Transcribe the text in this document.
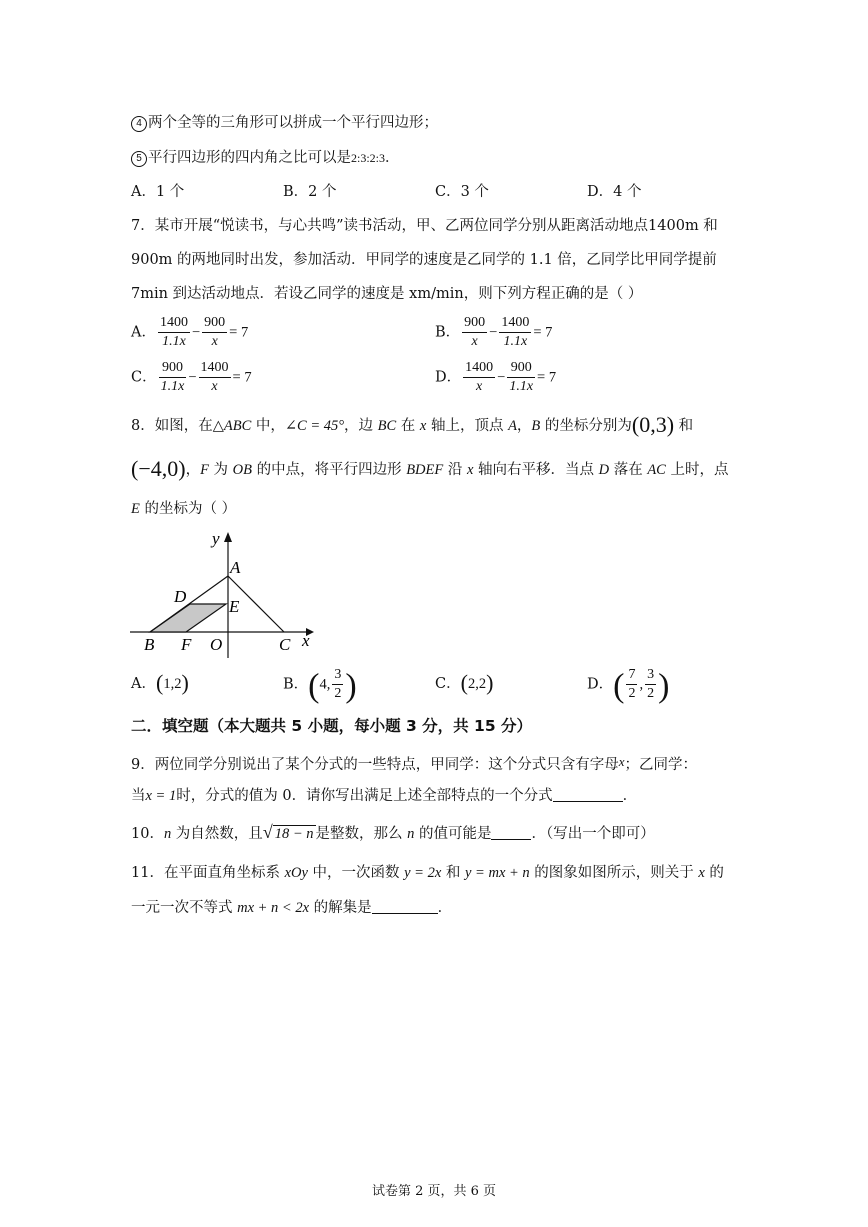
4 两个全等的三角形可以拼成一个平行四边形；
5 平行四边形的四内角之比可以是2:3:2:3．
A．1 个	B．2 个	C．3 个	D．4 个
7．某市开展“悦读书，与心共鸣”读书活动，甲、乙两位同学分别从距离活动地点1400m 和
900m 的两地同时出发，参加活动．甲同学的速度是乙同学的 1.1 倍，乙同学比甲同学提前
7min 到达活动地点．若设乙同学的速度是 xm/min，则下列方程正确的是（ ）
A． $\frac{1400}{1.1x} - \frac{900}{x} = 7$	B． $\frac{900}{x} - \frac{1400}{1.1x} = 7$
C． $\frac{900}{1.1x} - \frac{1400}{x} = 7$	D． $\frac{1400}{x} - \frac{900}{1.1x} = 7$
8．如图，在△ABC 中，∠C = 45°，边 BC 在 x 轴上，顶点 A，B 的坐标分别为(0,3) 和
(−4,0)，F 为 OB 的中点，将平行四边形 BDEF 沿 x 轴向右平移．当点 D 落在 AC 上时，点
E 的坐标为（ ）
y
A
D
E
B F O	C x
A．(1,2)	B．(4, $\frac{3}{2}$ )	C．(2,2)	D．( $\frac{7}{2}$ , $\frac{3}{2}$ )
二．填空题（本大题共 5 小题，每小题 3 分，共 15 分）
9．两位同学分别说出了某个分式的一些特点，甲同学：这个分式只含有字母x；乙同学：
当x = 1时，分式的值为 0．请你写出满足上述全部特点的一个分式	．
10．n 为自然数，且√ 18 − n 是整数，那么 n 的值可能是	．（写出一个即可）
11．在平面直角坐标系 xOy 中，一次函数 y = 2x 和 y = mx + n 的图象如图所示，则关于 x 的
一元一次不等式 mx + n < 2x 的解集是	．
试卷第 2 页，共 6 页
